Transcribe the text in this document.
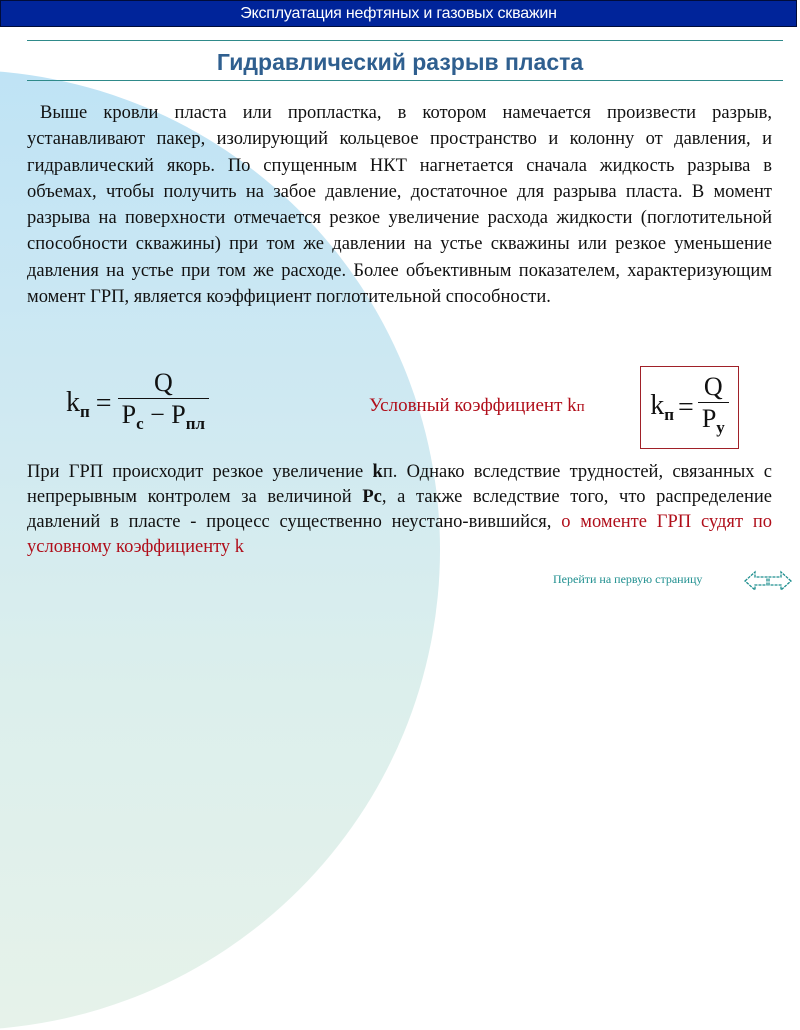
Эксплуатация нефтяных и газовых скважин
Гидравлический разрыв пласта
Выше кровли пласта или пропластка, в котором намечается произвести разрыв, устанавливают пакер, изолирующий кольцевое пространство и колонну от давления, и гидравлический якорь. По спущенным НКТ нагнетается сначала жидкость разрыва в объемах, чтобы получить на забое давление, достаточное для разрыва пласта. В момент разрыва на поверхности отмечается резкое увеличение расхода жидкости (поглотительной способности скважины) при том же давлении на устье скважины или резкое уменьшение давления на устье при том же расходе. Более объективным показателем, характеризующим момент ГРП, является коэффициент поглотительной способности.
$k_п = \frac{Q}{P_с - P_{пл}}$	Условный коэффициент kп $k_п = \frac{Q}{P_у}$
При ГРП происходит резкое увеличение kп. Однако вследствие трудностей, связанных с непрерывным контролем за величиной Рс, а также вследствие того, что распределение давлений в пласте - процесс существенно неустано-вившийся, о моменте ГРП судят по условному коэффициенту k
Перейти на первую страницу
